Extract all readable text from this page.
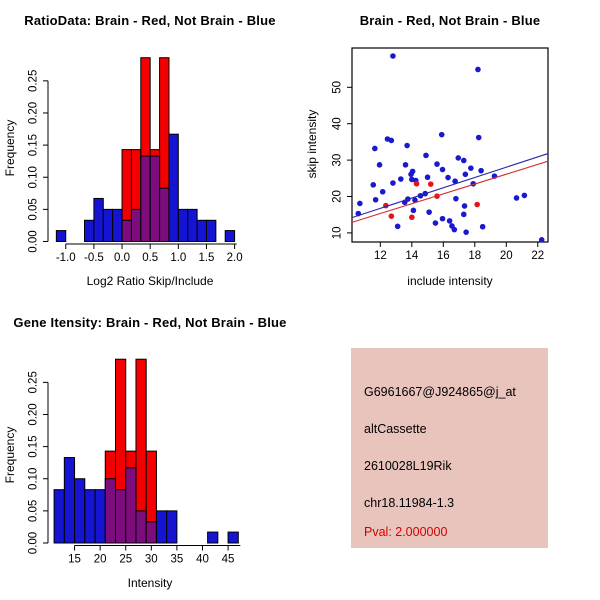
0.00
0.05
0.10
0.15
0.20
0.25
-1.0 -0.5 0.0 0.5 1.0 1.5 2.0
RatioData: Brain - Red, Not Brain - Blue
Frequency
Log2 Ratio Skip/Include
12 14 16 18 20 22
10
20
30
40
50
Brain - Red, Not Brain - Blue
skip intensity
include intensity
0.00
0.05
0.10
0.15
0.20
0.25
15 20 25 30 35 40 45
Gene Itensity: Brain - Red, Not Brain - Blue
Frequency
Intensity
G6961667@J924865@j_at
altCassette
2610028L19Rik
chr18.11984-1.3
Pval: 2.000000
